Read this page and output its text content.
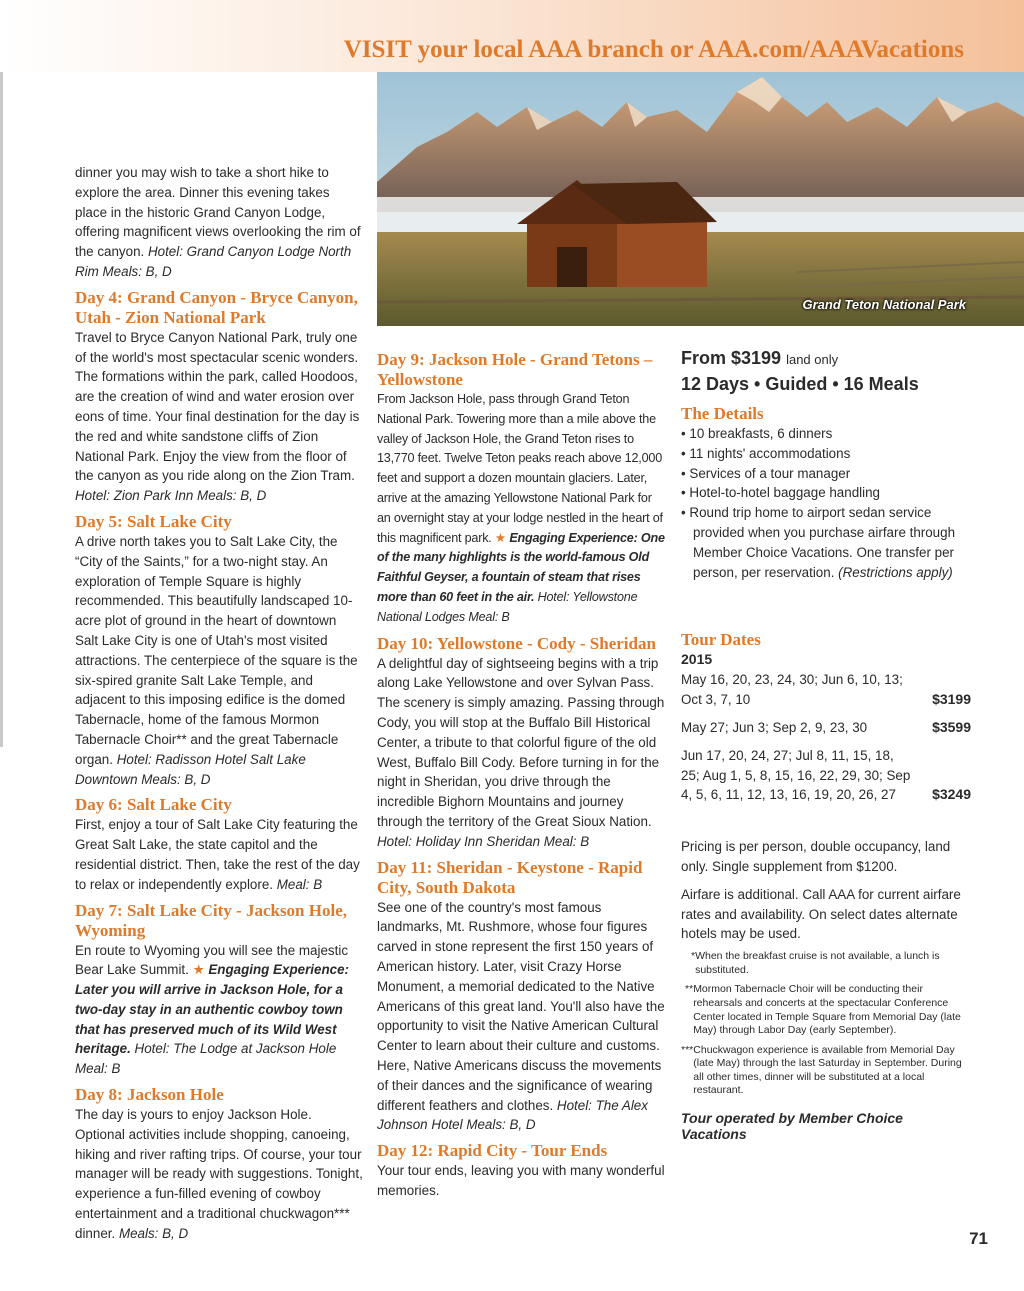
VISIT your local AAA branch or AAA.com/AAAVacations
Grand Teton National Park

dinner you may wish to take a short hike to explore the area. Dinner this evening takes place in the historic Grand Canyon Lodge, offering magnificent views overlooking the rim of the canyon. Hotel: Grand Canyon Lodge North Rim Meals: B, D

Day 4: Grand Canyon - Bryce Canyon, Utah - Zion National Park

Travel to Bryce Canyon National Park, truly one of the world's most spectacular scenic wonders. The formations within the park, called Hoodoos, are the creation of wind and water erosion over eons of time. Your final destination for the day is the red and white sandstone cliffs of Zion National Park. Enjoy the view from the floor of the canyon as you ride along on the Zion Tram. Hotel: Zion Park Inn Meals: B, D

Day 5: Salt Lake City

A drive north takes you to Salt Lake City, the “City of the Saints,” for a two-night stay. An exploration of Temple Square is highly recommended. This beautifully landscaped 10-acre plot of ground in the heart of downtown Salt Lake City is one of Utah's most visited attractions. The centerpiece of the square is the six-spired granite Salt Lake Temple, and adjacent to this imposing edifice is the domed Tabernacle, home of the famous Mormon Tabernacle Choir** and the great Tabernacle organ. Hotel: Radisson Hotel Salt Lake Downtown Meals: B, D

Day 6: Salt Lake City

First, enjoy a tour of Salt Lake City featuring the Great Salt Lake, the state capitol and the residential district. Then, take the rest of the day to relax or independently explore. Meal: B

Day 7: Salt Lake City - Jackson Hole, Wyoming

En route to Wyoming you will see the majestic Bear Lake Summit. ★ Engaging Experience: Later you will arrive in Jackson Hole, for a two-day stay in an authentic cowboy town that has preserved much of its Wild West heritage. Hotel: The Lodge at Jackson Hole Meal: B

Day 8: Jackson Hole

The day is yours to enjoy Jackson Hole. Optional activities include shopping, canoeing, hiking and river rafting trips. Of course, your tour manager will be ready with suggestions. Tonight, experience a fun-filled evening of cowboy entertainment and a traditional chuckwagon*** dinner. Meals: B, D

Day 9: Jackson Hole - Grand Tetons – Yellowstone

From Jackson Hole, pass through Grand Teton National Park. Towering more than a mile above the valley of Jackson Hole, the Grand Teton rises to 13,770 feet. Twelve Teton peaks reach above 12,000 feet and support a dozen mountain glaciers. Later, arrive at the amazing Yellowstone National Park for an overnight stay at your lodge nestled in the heart of this magnificent park. ★ Engaging Experience: One of the many highlights is the world-famous Old Faithful Geyser, a fountain of steam that rises more than 60 feet in the air. Hotel: Yellowstone National Lodges Meal: B

Day 10: Yellowstone - Cody - Sheridan

A delightful day of sightseeing begins with a trip along Lake Yellowstone and over Sylvan Pass. The scenery is simply amazing. Passing through Cody, you will stop at the Buffalo Bill Historical Center, a tribute to that colorful figure of the old West, Buffalo Bill Cody. Before turning in for the night in Sheridan, you drive through the incredible Bighorn Mountains and journey through the territory of the Great Sioux Nation. Hotel: Holiday Inn Sheridan Meal: B

Day 11: Sheridan - Keystone - Rapid City, South Dakota

See one of the country's most famous landmarks, Mt. Rushmore, whose four figures carved in stone represent the first 150 years of American history. Later, visit Crazy Horse Monument, a memorial dedicated to the Native Americans of this great land. You'll also have the opportunity to visit the Native American Cultural Center to learn about their culture and customs. Here, Native Americans discuss the movements of their dances and the significance of wearing different feathers and clothes. Hotel: The Alex Johnson Hotel Meals: B, D

Day 12: Rapid City - Tour Ends

Your tour ends, leaving you with many wonderful memories.

From $3199 land only

12 Days • Guided • 16 Meals

The Details
• 10 breakfasts, 6 dinners
• 11 nights' accommodations
• Services of a tour manager
• Hotel-to-hotel baggage handling
• Round trip home to airport sedan service provided when you purchase airfare through Member Choice Vacations. One transfer per person, per reservation. (Restrictions apply)
Tour Dates
2015
May 16, 20, 23, 24, 30; Jun 6, 10, 13; Oct 3, 7, 10	$3199
May 27; Jun 3; Sep 2, 9, 23, 30	$3599
Jun 17, 20, 24, 27; Jul 8, 11, 15, 18, 25; Aug 1, 5, 8, 15, 16, 22, 29, 30; Sep 4, 5, 6, 11, 12, 13, 16, 19, 20, 26, 27	$3249

Pricing is per person, double occupancy, land only. Single supplement from $1200.

Airfare is additional. Call AAA for current airfare rates and availability. On select dates alternate hotels may be used.

* When the breakfast cruise is not available, a lunch is substituted.

** Mormon Tabernacle Choir will be conducting their rehearsals and concerts at the spectacular Conference Center located in Temple Square from Memorial Day (late May) through Labor Day (early September).

*** Chuckwagon experience is available from Memorial Day (late May) through the last Saturday in September. During all other times, dinner will be substituted at a local restaurant.

Tour operated by Member Choice Vacations

71
